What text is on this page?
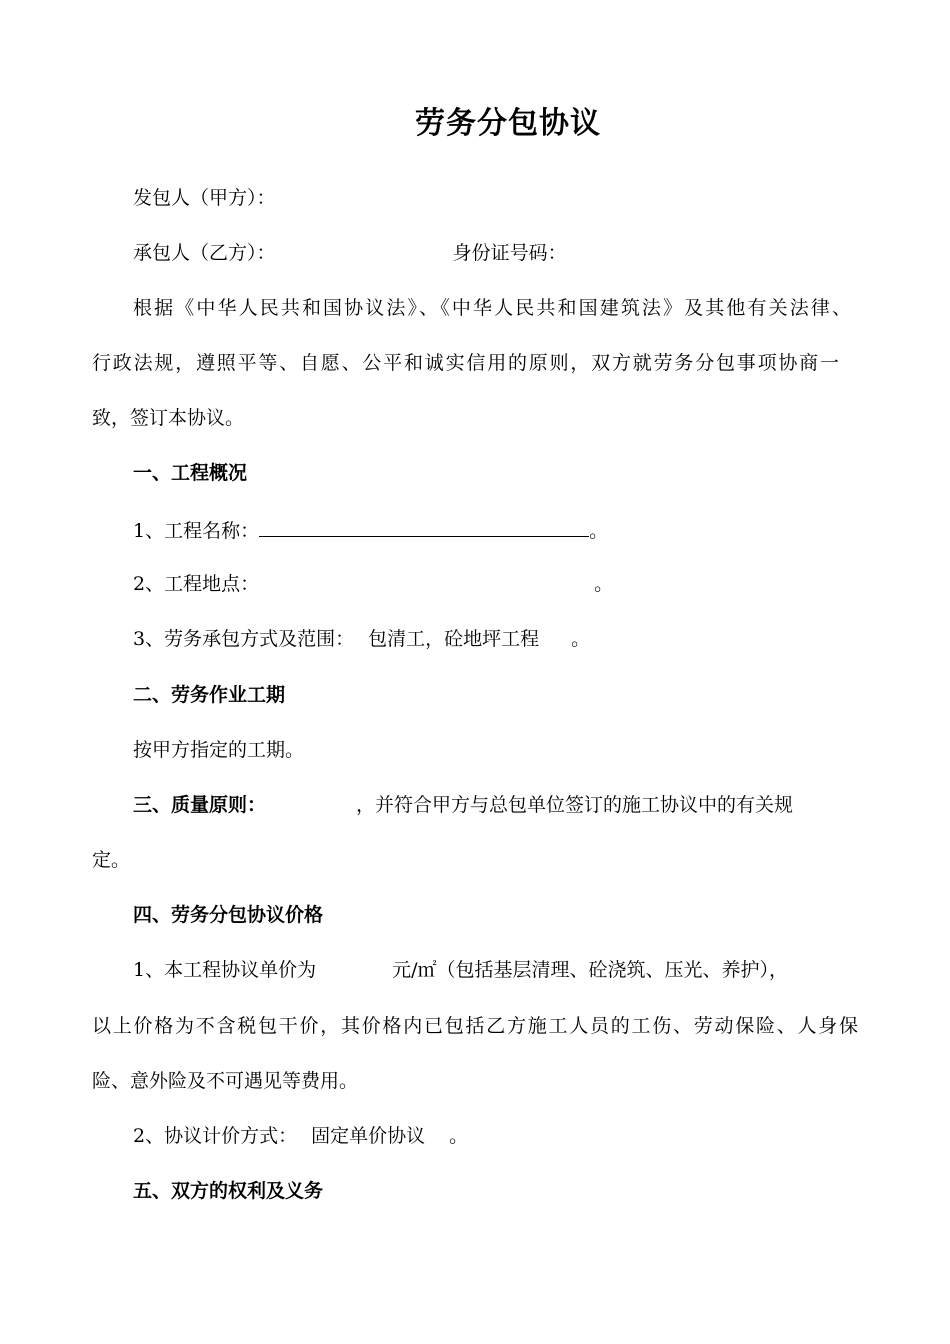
劳务分包协议
发包人（甲方）：
承包人（乙方）：	身份证号码：
根据《中华人民共和国协议法》、《中华人民共和国建筑法》及其他有关法律、
行政法规，遵照平等、自愿、公平和诚实信用的原则，双方就劳务分包事项协商一
致，签订本协议。
一、工程概况
1、工程名称：	。
2、工程地点：	。
3、劳务承包方式及范围： 包清工，砼地坪工程 。
二、劳务作业工期
按甲方指定的工期。
三、质量原则：	，并符合甲方与总包单位签订的施工协议中的有关规
定。
四、劳务分包协议价格
1、本工程协议单价为	元/㎡（包括基层清理、砼浇筑、压光、养护），
以上价格为不含税包干价，其价格内已包括乙方施工人员的工伤、劳动保险、人身保
险、意外险及不可遇见等费用。
2、协议计价方式： 固定单价协议 。
五、双方的权利及义务
